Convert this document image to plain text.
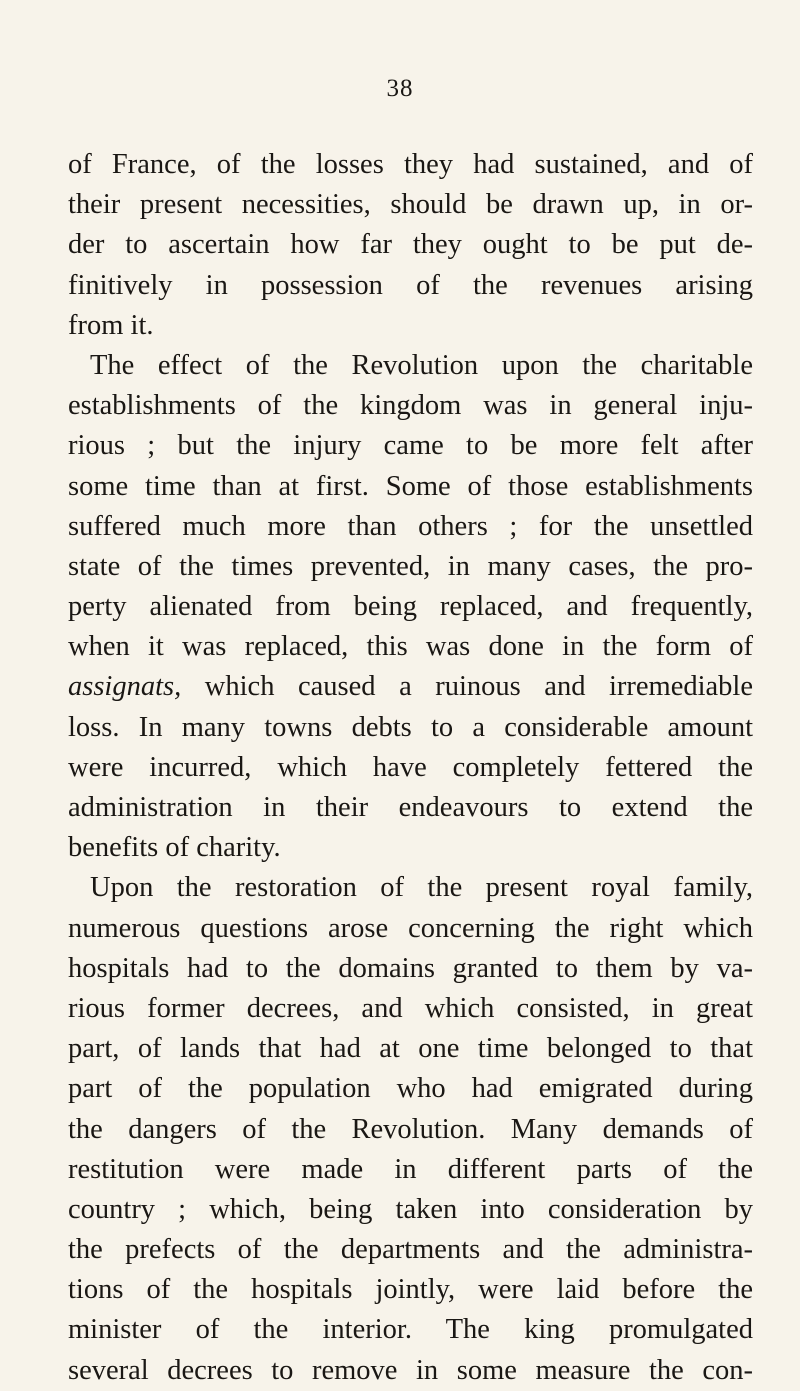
38
of France, of the losses they had sustained, and of
their present necessities, should be drawn up, in or-
der to ascertain how far they ought to be put de-
finitively in possession of the revenues arising
from it.
The effect of the Revolution upon the charitable
establishments of the kingdom was in general inju-
rious ; but the injury came to be more felt after
some time than at first. Some of those establishments
suffered much more than others ; for the unsettled
state of the times prevented, in many cases, the pro-
perty alienated from being replaced, and frequently,
when it was replaced, this was done in the form of
assignats, which caused a ruinous and irremediable
loss. In many towns debts to a considerable amount
were incurred, which have completely fettered the
administration in their endeavours to extend the
benefits of charity.
Upon the restoration of the present royal family,
numerous questions arose concerning the right which
hospitals had to the domains granted to them by va-
rious former decrees, and which consisted, in great
part, of lands that had at one time belonged to that
part of the population who had emigrated during
the dangers of the Revolution. Many demands of
restitution were made in different parts of the
country ; which, being taken into consideration by
the prefects of the departments and the administra-
tions of the hospitals jointly, were laid before the
minister of the interior. The king promulgated
several decrees to remove in some measure the con-
